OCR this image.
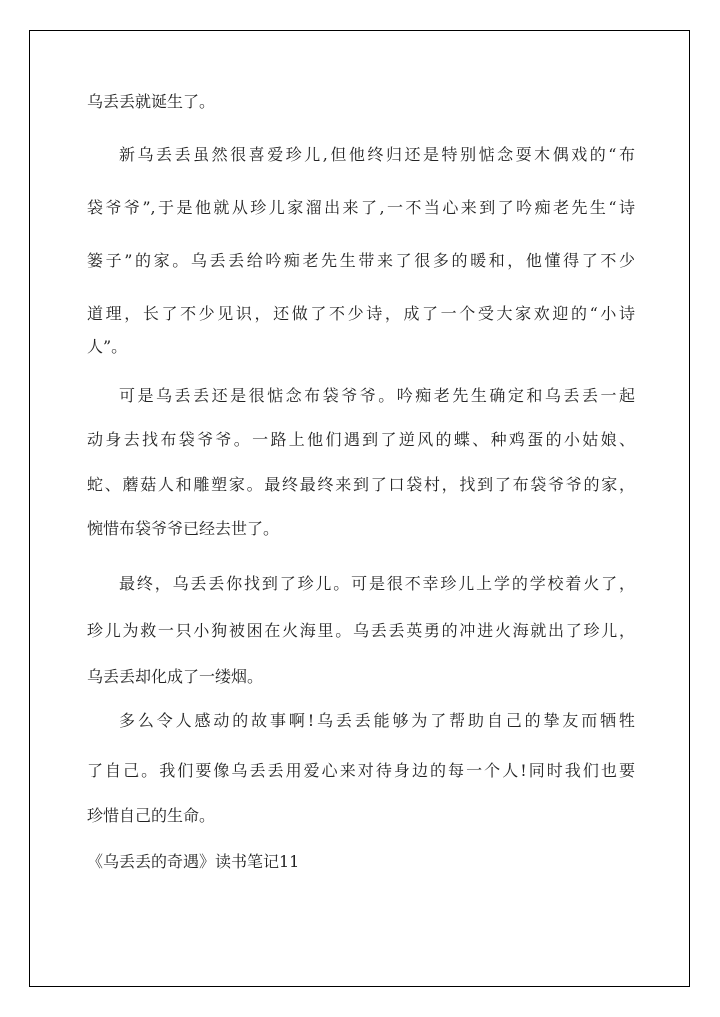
乌丢丢就诞生了。
新乌丢丢虽然很喜爱珍儿,但他终归还是特别惦念耍木偶戏的“布
袋爷爷”,于是他就从珍儿家溜出来了,一不当心来到了吟痴老先生“诗
篓子”的家。乌丢丢给吟痴老先生带来了很多的暖和，他懂得了不少
道理，长了不少见识，还做了不少诗，成了一个受大家欢迎的“小诗
人”。
可是乌丢丢还是很惦念布袋爷爷。吟痴老先生确定和乌丢丢一起
动身去找布袋爷爷。一路上他们遇到了逆风的蝶、种鸡蛋的小姑娘、
蛇、蘑菇人和雕塑家。最终最终来到了口袋村，找到了布袋爷爷的家，
惋惜布袋爷爷已经去世了。
最终，乌丢丢你找到了珍儿。可是很不幸珍儿上学的学校着火了，
珍儿为救一只小狗被困在火海里。乌丢丢英勇的冲进火海就出了珍儿，
乌丢丢却化成了一缕烟。
多么令人感动的故事啊!乌丢丢能够为了帮助自己的挚友而牺牲
了自己。我们要像乌丢丢用爱心来对待身边的每一个人!同时我们也要
珍惜自己的生命。
《乌丢丢的奇遇》读书笔记11
